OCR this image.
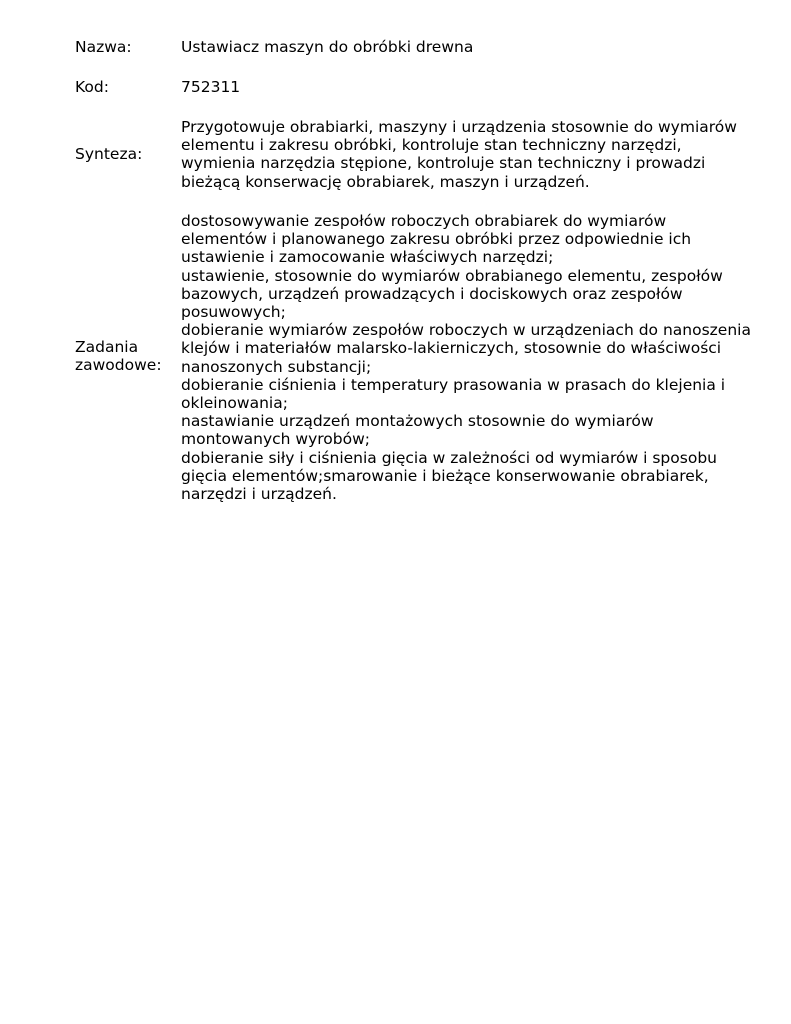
Nazwa:	Ustawiacz maszyn do obróbki drewna
Kod:	752311
Synteza:
Przygotowuje obrabiarki, maszyny i urządzenia stosownie do wymiarów
elementu i zakresu obróbki, kontroluje stan techniczny narzędzi,
wymienia narzędzia stępione, kontroluje stan techniczny i prowadzi
bieżącą konserwację obrabiarek, maszyn i urządzeń.
Zadania
zawodowe:
dostosowywanie zespołów roboczych obrabiarek do wymiarów
elementów i planowanego zakresu obróbki przez odpowiednie ich
ustawienie i zamocowanie właściwych narzędzi;
ustawienie, stosownie do wymiarów obrabianego elementu, zespołów
bazowych, urządzeń prowadzących i dociskowych oraz zespołów
posuwowych;
dobieranie wymiarów zespołów roboczych w urządzeniach do nanoszenia
klejów i materiałów malarsko-lakierniczych, stosownie do właściwości
nanoszonych substancji;
dobieranie ciśnienia i temperatury prasowania w prasach do klejenia i
okleinowania;
nastawianie urządzeń montażowych stosownie do wymiarów
montowanych wyrobów;
dobieranie siły i ciśnienia gięcia w zależności od wymiarów i sposobu
gięcia elementów;smarowanie i bieżące konserwowanie obrabiarek,
narzędzi i urządzeń.
